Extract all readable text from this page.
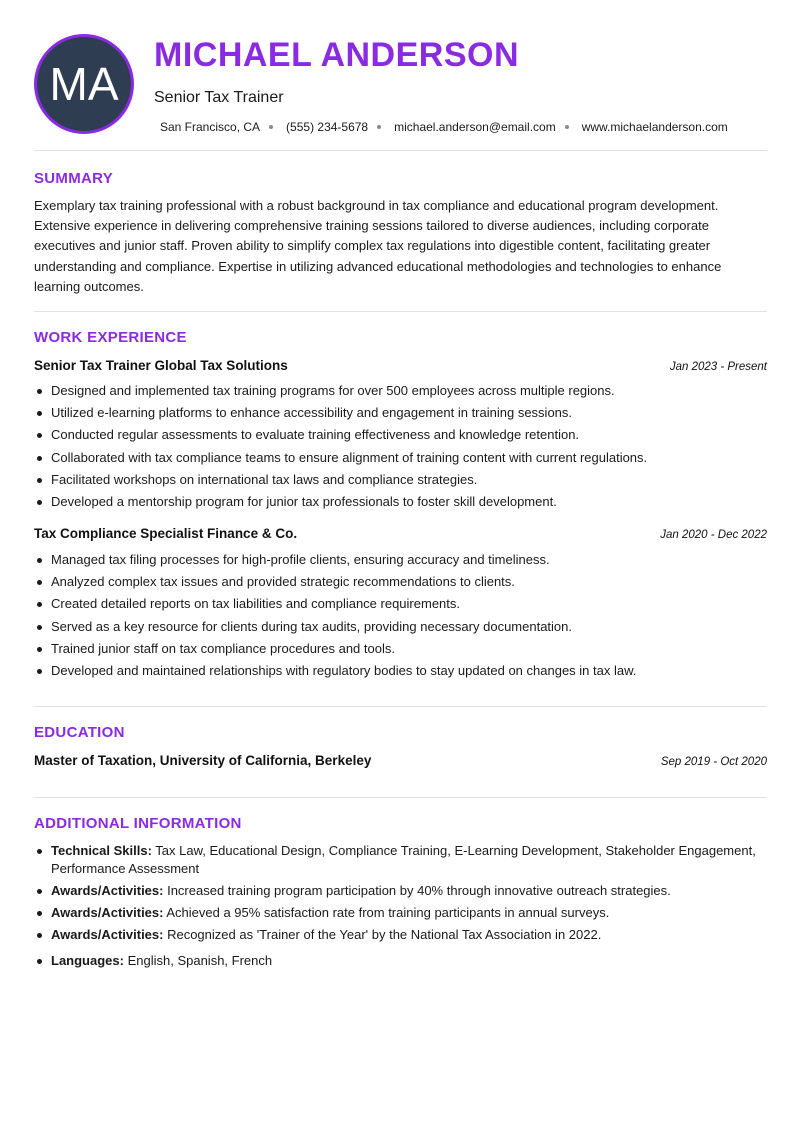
MA
MICHAEL ANDERSON
Senior Tax Trainer
San Francisco, CA (555) 234-5678 michael.anderson@email.com www.michaelanderson.com
SUMMARY
Exemplary tax training professional with a robust background in tax compliance and educational program development. Extensive experience in delivering comprehensive training sessions tailored to diverse audiences, including corporate executives and junior staff. Proven ability to simplify complex tax regulations into digestible content, facilitating greater understanding and compliance. Expertise in utilizing advanced educational methodologies and technologies to enhance learning outcomes.
WORK EXPERIENCE
Senior Tax Trainer Global Tax Solutions	Jan 2023 - Present
Designed and implemented tax training programs for over 500 employees across multiple regions.
Utilized e-learning platforms to enhance accessibility and engagement in training sessions.
Conducted regular assessments to evaluate training effectiveness and knowledge retention.
Collaborated with tax compliance teams to ensure alignment of training content with current regulations.
Facilitated workshops on international tax laws and compliance strategies.
Developed a mentorship program for junior tax professionals to foster skill development.
Tax Compliance Specialist Finance & Co.	Jan 2020 - Dec 2022
Managed tax filing processes for high-profile clients, ensuring accuracy and timeliness.
Analyzed complex tax issues and provided strategic recommendations to clients.
Created detailed reports on tax liabilities and compliance requirements.
Served as a key resource for clients during tax audits, providing necessary documentation.
Trained junior staff on tax compliance procedures and tools.
Developed and maintained relationships with regulatory bodies to stay updated on changes in tax law.
EDUCATION
Master of Taxation, University of California, Berkeley	Sep 2019 - Oct 2020
ADDITIONAL INFORMATION
Technical Skills: Tax Law, Educational Design, Compliance Training, E-Learning Development, Stakeholder Engagement, Performance Assessment
Awards/Activities: Increased training program participation by 40% through innovative outreach strategies.
Awards/Activities: Achieved a 95% satisfaction rate from training participants in annual surveys.
Awards/Activities: Recognized as 'Trainer of the Year' by the National Tax Association in 2022.
Languages: English, Spanish, French
